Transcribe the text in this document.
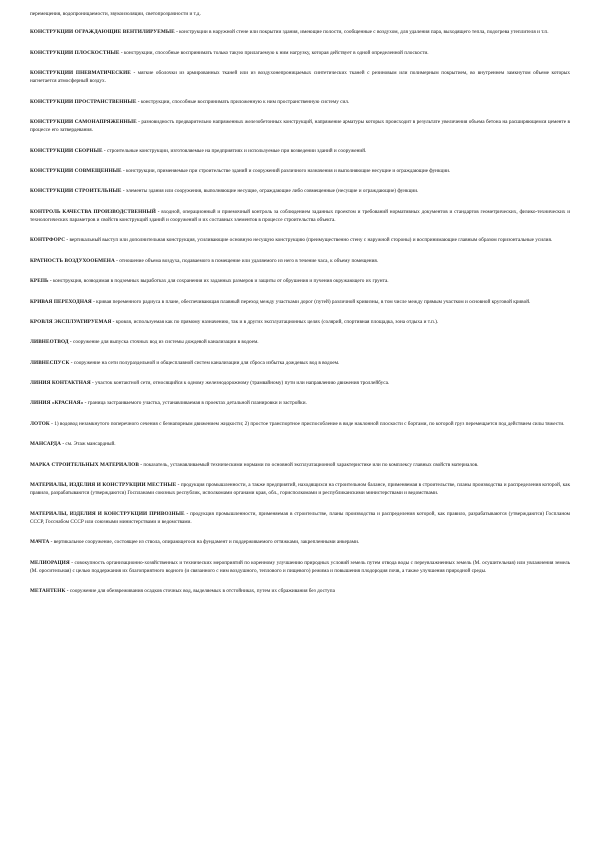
перемещения, водопроницаемости, звукоизоляции, светопрозрачности и т.д.

КОНСТРУКЦИИ ОГРАЖДАЮЩИЕ ВЕНТИЛИРУЕМЫЕ - конструкции в наружной стене или покрытии здания, имеющие полости, сообщенные с воздухом, для удаления пара, выходящего тепла, подогрева утеплителя и т.п.

КОНСТРУКЦИИ ПЛОСКОСТНЫЕ - конструкции, способные воспринимать только такую прилагаемую к ним нагрузку, которая действует в одной определенной плоскости.

КОНСТРУКЦИИ ПНЕВМАТИЧЕСКИЕ - мягкие оболочки из армированных тканей или из воздухонепроницаемых синтетических тканей с резиновым или полимерным покрытием, во внутреннем замкнутом объеме которых нагнетается атмосферный воздух.

КОНСТРУКЦИИ ПРОСТРАНСТВЕННЫЕ - конструкции, способные воспринимать приложенную к ним пространственную систему сил.

КОНСТРУКЦИИ САМОНАПРЯЖЕННЫЕ - разновидность предварительно напряженных железобетонных конструкций, напряжение арматуры которых происходит в результате увеличения объема бетона на расширяющемся цементе в процессе его затвердевания.

КОНСТРУКЦИИ СБОРНЫЕ - строительные конструкции, изготовляемые на предприятиях и используемые при возведении зданий и сооружений.

КОНСТРУКЦИИ СОВМЕЩЕННЫЕ - конструкции, применяемые при строительстве зданий и сооружений различного назначения и выполняющие несущие и ограждающие функции.

КОНСТРУКЦИИ СТРОИТЕЛЬНЫЕ - элементы здания или сооружения, выполняющие несущие, ограждающие либо совмещенные (несущие и ограждающие) функции.

КОНТРОЛЬ КАЧЕСТВА ПРОИЗВОДСТВЕННЫЙ - входной, операционный и приемочный контроль за соблюдением заданных проектом и требований нормативных документов и стандартов геометрических, физико-технических и технологических параметров и свойств конструкций зданий и сооружений и их составных элементов в процессе строительства объекта.

КОНТРФОРС - вертикальный выступ или дополнительная конструкция, усиливающие основную несущую конструкцию (преимущественно стену с наружной стороны) и воспринимающие главным образом горизонтальные усилия.

КРАТНОСТЬ ВОЗДУХООБМЕНА - отношение объема воздуха, подаваемого в помещение или удаляемого из него в течение часа, к объему помещения.

КРЕПЬ - конструкция, возводимая в подземных выработках для сохранения их заданных размеров и защиты от обрушения и пучения окружающего их грунта.

КРИВАЯ ПЕРЕХОДНАЯ - кривая переменного радиуса в плане, обеспечивающая плавный переход между участками дорог (путей) различной кривизны, в том числе между прямым участком и основной круговой кривой.

КРОВЛЯ ЭКСПЛУАТИРУЕМАЯ - кровля, используемая как по прямому назначению, так и в других эксплуатационных целях (солярий, спортивная площадка, зона отдыха и т.п.).

ЛИВНЕОТВОД - сооружение для выпуска сточных вод из системы дождевой канализации в водоем.

ЛИВНЕСПУСК - сооружение на сети полураздельной и общесплавной систем канализации для сброса избытка дождевых вод в водоем.

ЛИНИЯ КОНТАКТНАЯ - участок контактной сети, относящийся к одному железнодорожному (трамвайному) пути или направлению движения троллейбуса.

ЛИНИЯ «КРАСНАЯ» - граница застраиваемого участка, устанавливаемая в проектах детальной планировки и застройки.

ЛОТОК - 1) водовод незамкнутого поперечного сечения с безнапорным движением жидкости; 2) простое транспортное приспособление в виде наклонной плоскости с бортами, по которой груз перемещается под действием силы тяжести.

МАНСАРДА - см. Этаж мансардный.

МАРКА СТРОИТЕЛЬНЫХ МАТЕРИАЛОВ - показатель, устанавливаемый техническими нормами по основной эксплуатационной характеристике или по комплексу главных свойств материалов.

МАТЕРИАЛЫ, ИЗДЕЛИЯ И КОНСТРУКЦИИ МЕСТНЫЕ - продукция промышленности, а также предприятий, находящихся на строительном балансе, применяемая в строительстве, планы производства и распределения которой, как правило, разрабатываются (утверждаются) Госпланами союзных республик, исполкомами органами края, обл., горисполкомами и республиканскими министерствами и ведомствами.

МАТЕРИАЛЫ, ИЗДЕЛИЯ И КОНСТРУКЦИИ ПРИВОЗНЫЕ - продукция промышленности, применяемая в строительстве, планы производства и распределения которой, как правило, разрабатываются (утверждаются) Госпланом СССР, Госснабом СССР или союзными министерствами и ведомствами.

МАЧТА - вертикальное сооружение, состоящее из ствола, опирающегося на фундамент и поддерживаемого оттяжками, закрепленными анкерами.

МЕЛИОРАЦИЯ - совокупность организационно-хозяйственных и технических мероприятий по коренному улучшению природных условий земель путем отвода воды с переувлажненных земель (М. осушительная) или увлажнения земель (М. оросительная) с целью поддержания их благоприятного водного (и связанного с ним воздушного, теплового и пищевого) режима и повышения плодородия почв, а также улучшения природной среды.

МЕТАНТЕНК - сооружение для обезвреживания осадков сточных вод, выделяемых в отстойниках, путем их сбраживания без доступа
